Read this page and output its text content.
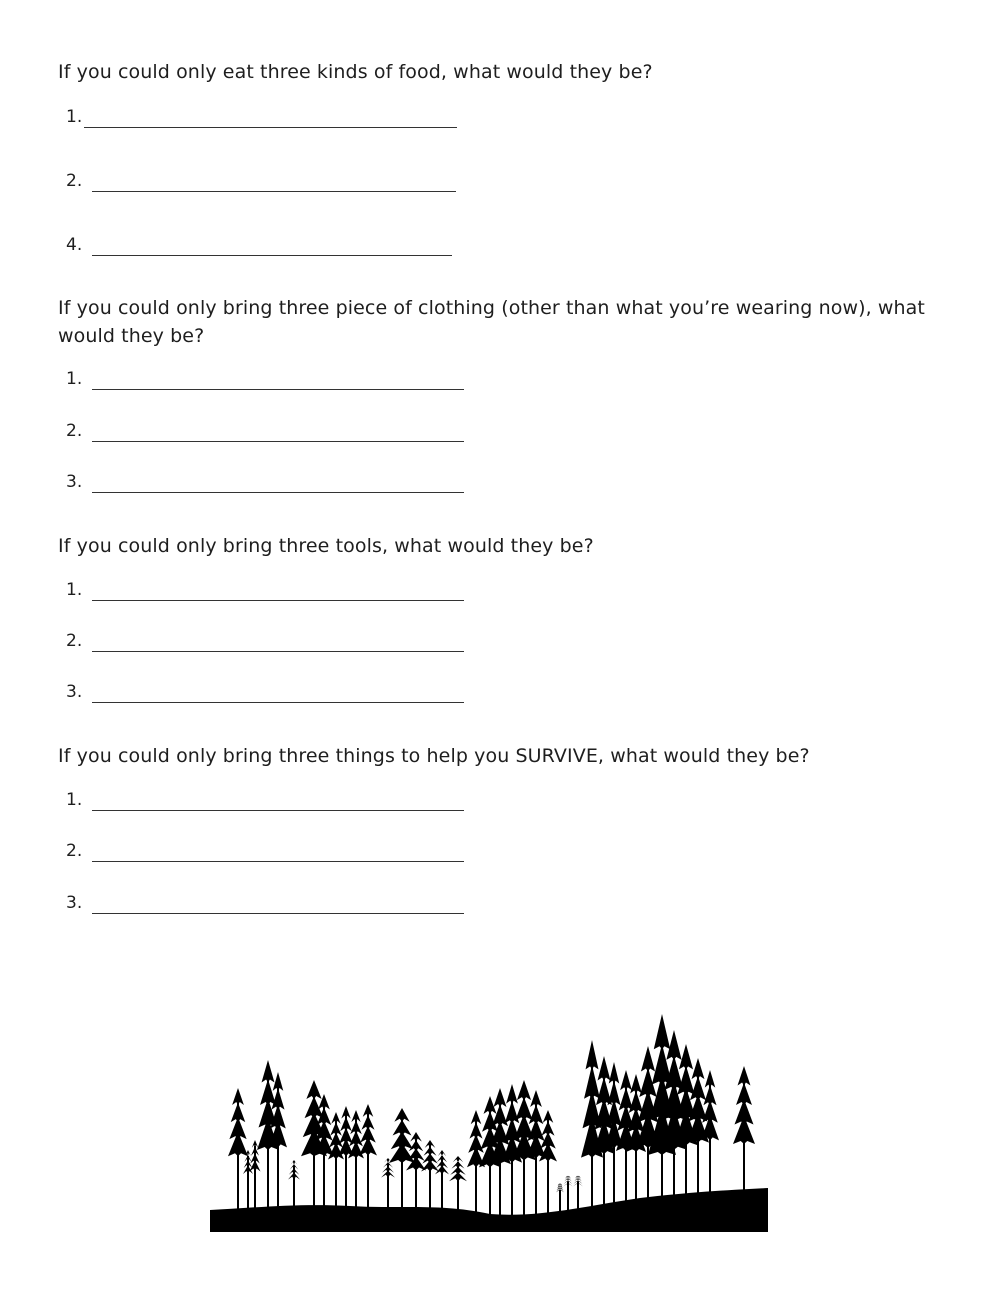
If you could only eat three kinds of food, what would they be?
1.
2.
4.
If you could only bring three piece of clothing (other than what you’re wearing now), what would they be?
1.
2.
3.
If you could only bring three tools, what would they be?
1.
2.
3.
If you could only bring three things to help you SURVIVE, what would they be?
1.
2.
3.
